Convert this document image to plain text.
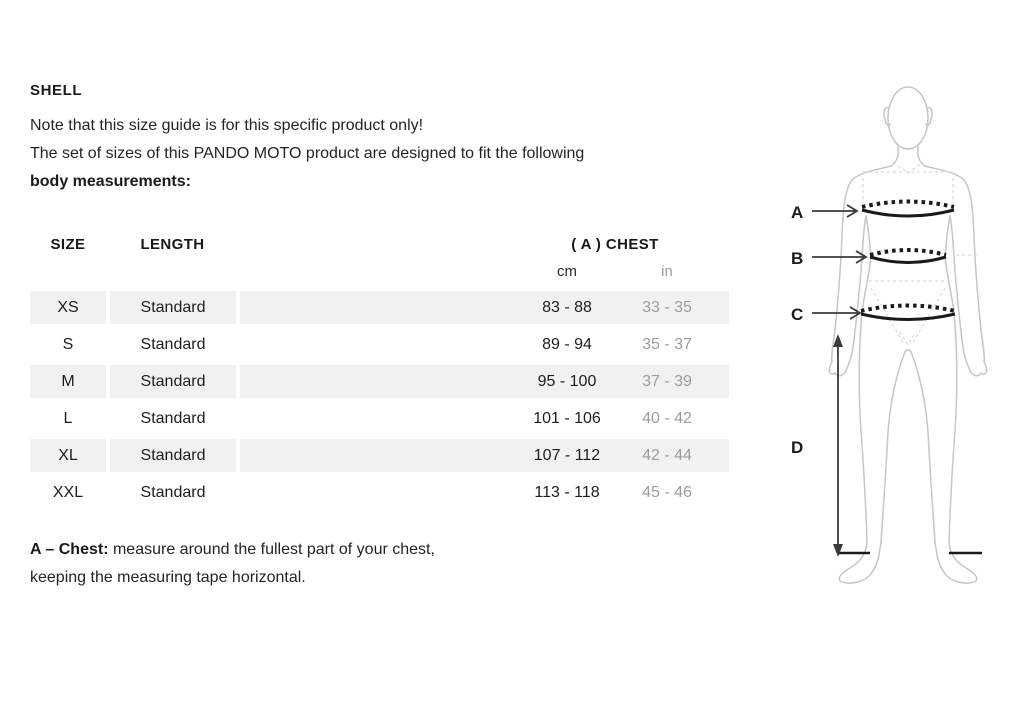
SHELL
Note that this size guide is for this specific product only!
The set of sizes of this PANDO MOTO product are designed to fit the following
body measurements:
SIZE	LENGTH	( A ) CHEST
cm	in
XS	Standard	83 - 88	33 - 35
S	Standard	89 - 94	35 - 37
M	Standard	95 - 100	37 - 39
L	Standard	101 - 106	40 - 42
XL	Standard	107 - 112	42 - 44
XXL	Standard	113 - 118	45 - 46
A – Chest: measure around the fullest part of your chest,
keeping the measuring tape horizontal.
A
B
C
D
